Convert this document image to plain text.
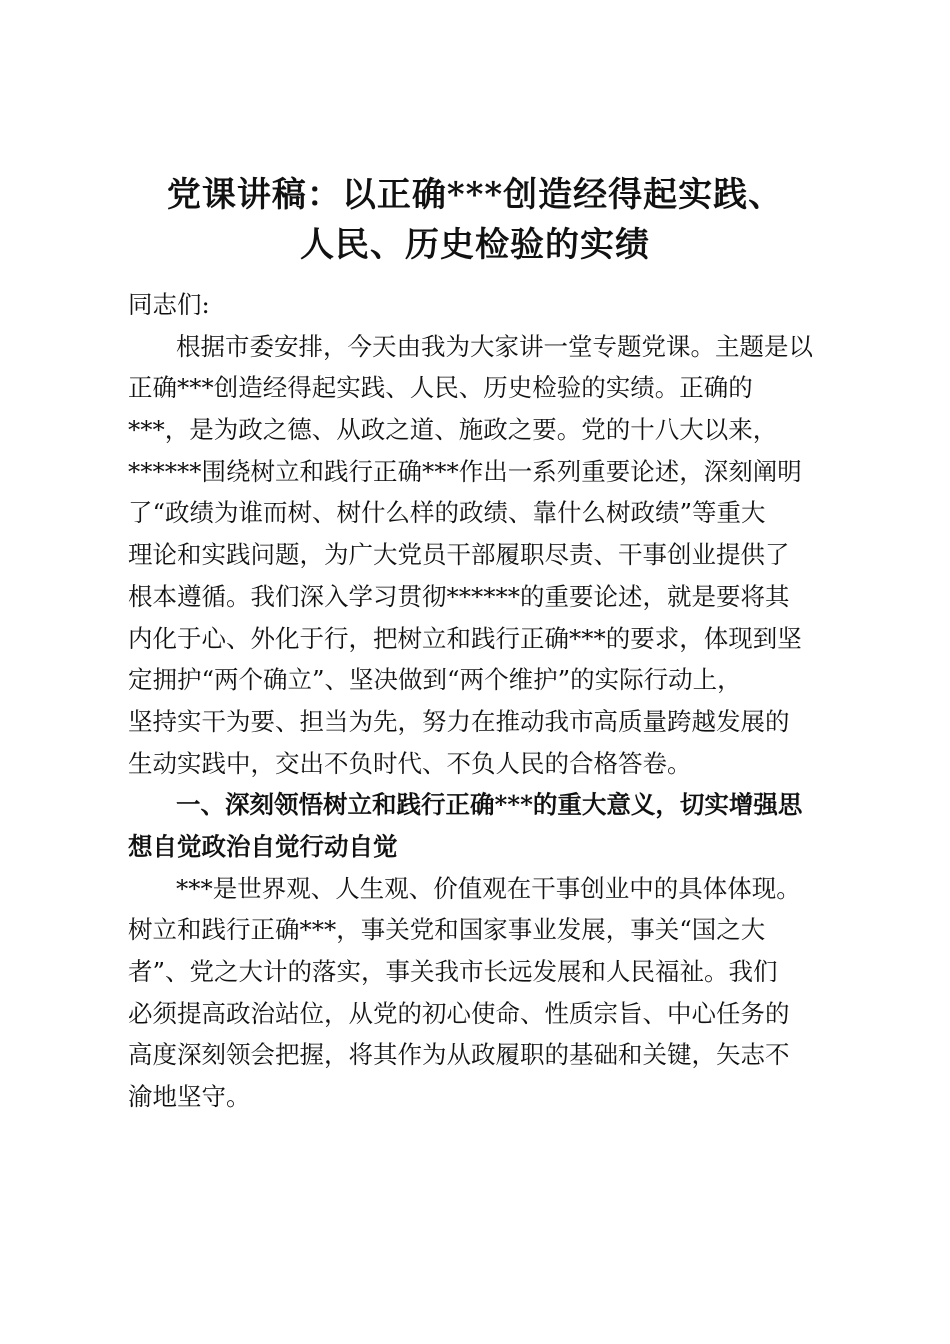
党课讲稿：以正确***创造经得起实践、
人民、历史检验的实绩
同志们:
根据市委安排，今天由我为大家讲一堂专题党课。主题是以
正确***创造经得起实践、人民、历史检验的实绩。正确的
***，是为政之德、从政之道、施政之要。党的十八大以来，
******围绕树立和践行正确***作出一系列重要论述，深刻阐明
了“政绩为谁而树、树什么样的政绩、靠什么树政绩”等重大
理论和实践问题，为广大党员干部履职尽责、干事创业提供了
根本遵循。我们深入学习贯彻******的重要论述，就是要将其
内化于心、外化于行，把树立和践行正确***的要求，体现到坚
定拥护“两个确立”、坚决做到“两个维护”的实际行动上，
坚持实干为要、担当为先，努力在推动我市高质量跨越发展的
生动实践中，交出不负时代、不负人民的合格答卷。
一、深刻领悟树立和践行正确***的重大意义，切实增强思
想自觉政治自觉行动自觉
***是世界观、人生观、价值观在干事创业中的具体体现。
树立和践行正确***，事关党和国家事业发展，事关“国之大
者”、党之大计的落实，事关我市长远发展和人民福祉。我们
必须提高政治站位，从党的初心使命、性质宗旨、中心任务的
高度深刻领会把握，将其作为从政履职的基础和关键，矢志不
渝地坚守。
